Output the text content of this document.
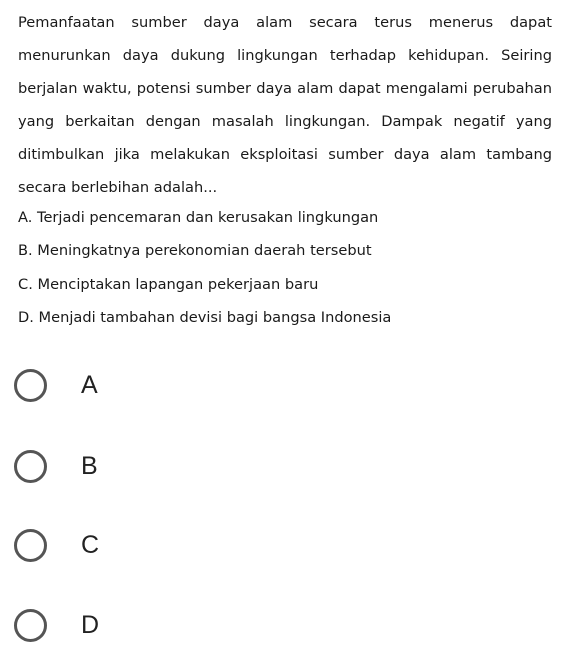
Pemanfaatan sumber daya alam secara terus menerus dapat menurunkan daya dukung lingkungan terhadap kehidupan. Seiring berjalan waktu, potensi sumber daya alam dapat mengalami perubahan yang berkaitan dengan masalah lingkungan. Dampak negatif yang ditimbulkan jika melakukan eksploitasi sumber daya alam tambang secara berlebihan adalah...

A. Terjadi pencemaran dan kerusakan lingkungan
B. Meningkatnya perekonomian daerah tersebut
C. Menciptakan lapangan pekerjaan baru
D. Menjadi tambahan devisi bagi bangsa Indonesia
A
B
C
D
